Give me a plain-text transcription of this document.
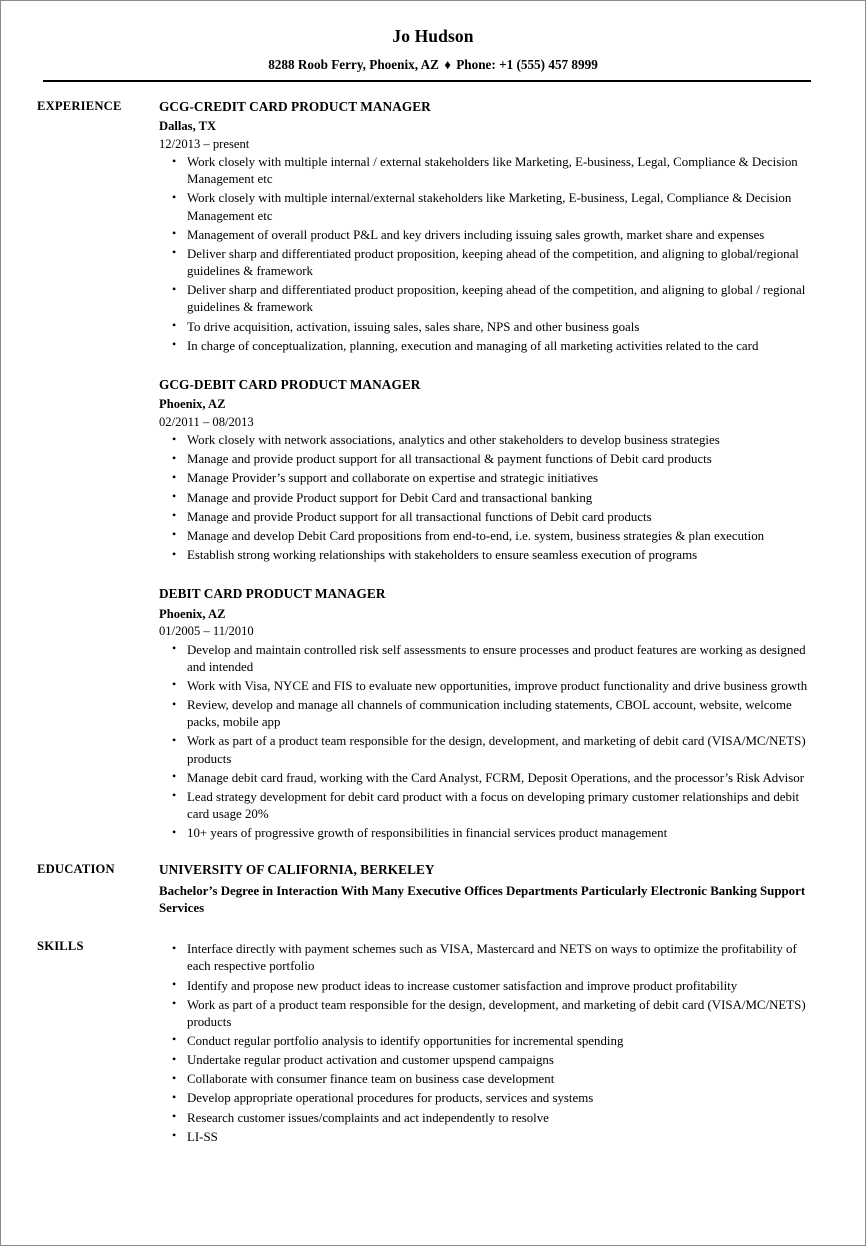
Jo Hudson
8288 Roob Ferry, Phoenix, AZ ♦ Phone: +1 (555) 457 8999
EXPERIENCE	GCG-CREDIT CARD PRODUCT MANAGER
Dallas, TX
12/2013 – present
• Work closely with multiple internal / external stakeholders like Marketing, E-business, Legal, Compliance & Decision Management etc
• Work closely with multiple internal/external stakeholders like Marketing, E-business, Legal, Compliance & Decision Management etc
• Management of overall product P&L and key drivers including issuing sales growth, market share and expenses
• Deliver sharp and differentiated product proposition, keeping ahead of the competition, and aligning to global/regional guidelines & framework
• Deliver sharp and differentiated product proposition, keeping ahead of the competition, and aligning to global / regional guidelines & framework
• To drive acquisition, activation, issuing sales, sales share, NPS and other business goals
• In charge of conceptualization, planning, execution and managing of all marketing activities related to the card
GCG-DEBIT CARD PRODUCT MANAGER
Phoenix, AZ
02/2011 – 08/2013
• Work closely with network associations, analytics and other stakeholders to develop business strategies
• Manage and provide product support for all transactional & payment functions of Debit card products
• Manage Provider’s support and collaborate on expertise and strategic initiatives
• Manage and provide Product support for Debit Card and transactional banking
• Manage and provide Product support for all transactional functions of Debit card products
• Manage and develop Debit Card propositions from end-to-end, i.e. system, business strategies & plan execution
• Establish strong working relationships with stakeholders to ensure seamless execution of programs
DEBIT CARD PRODUCT MANAGER
Phoenix, AZ
01/2005 – 11/2010
• Develop and maintain controlled risk self assessments to ensure processes and product features are working as designed and intended
• Work with Visa, NYCE and FIS to evaluate new opportunities, improve product functionality and drive business growth
• Review, develop and manage all channels of communication including statements, CBOL account, website, welcome packs, mobile app
• Work as part of a product team responsible for the design, development, and marketing of debit card (VISA/MC/NETS) products
• Manage debit card fraud, working with the Card Analyst, FCRM, Deposit Operations, and the processor’s Risk Advisor
• Lead strategy development for debit card product with a focus on developing primary customer relationships and debit card usage 20%
• 10+ years of progressive growth of responsibilities in financial services product management
EDUCATION	UNIVERSITY OF CALIFORNIA, BERKELEY
Bachelor’s Degree in Interaction With Many Executive Offices Departments Particularly Electronic Banking Support Services
SKILLS	• Interface directly with payment schemes such as VISA, Mastercard and NETS on ways to optimize the profitability of each respective portfolio
• Identify and propose new product ideas to increase customer satisfaction and improve product profitability
• Work as part of a product team responsible for the design, development, and marketing of debit card (VISA/MC/NETS) products
• Conduct regular portfolio analysis to identify opportunities for incremental spending
• Undertake regular product activation and customer upspend campaigns
• Collaborate with consumer finance team on business case development
• Develop appropriate operational procedures for products, services and systems
• Research customer issues/complaints and act independently to resolve
• LI-SS
